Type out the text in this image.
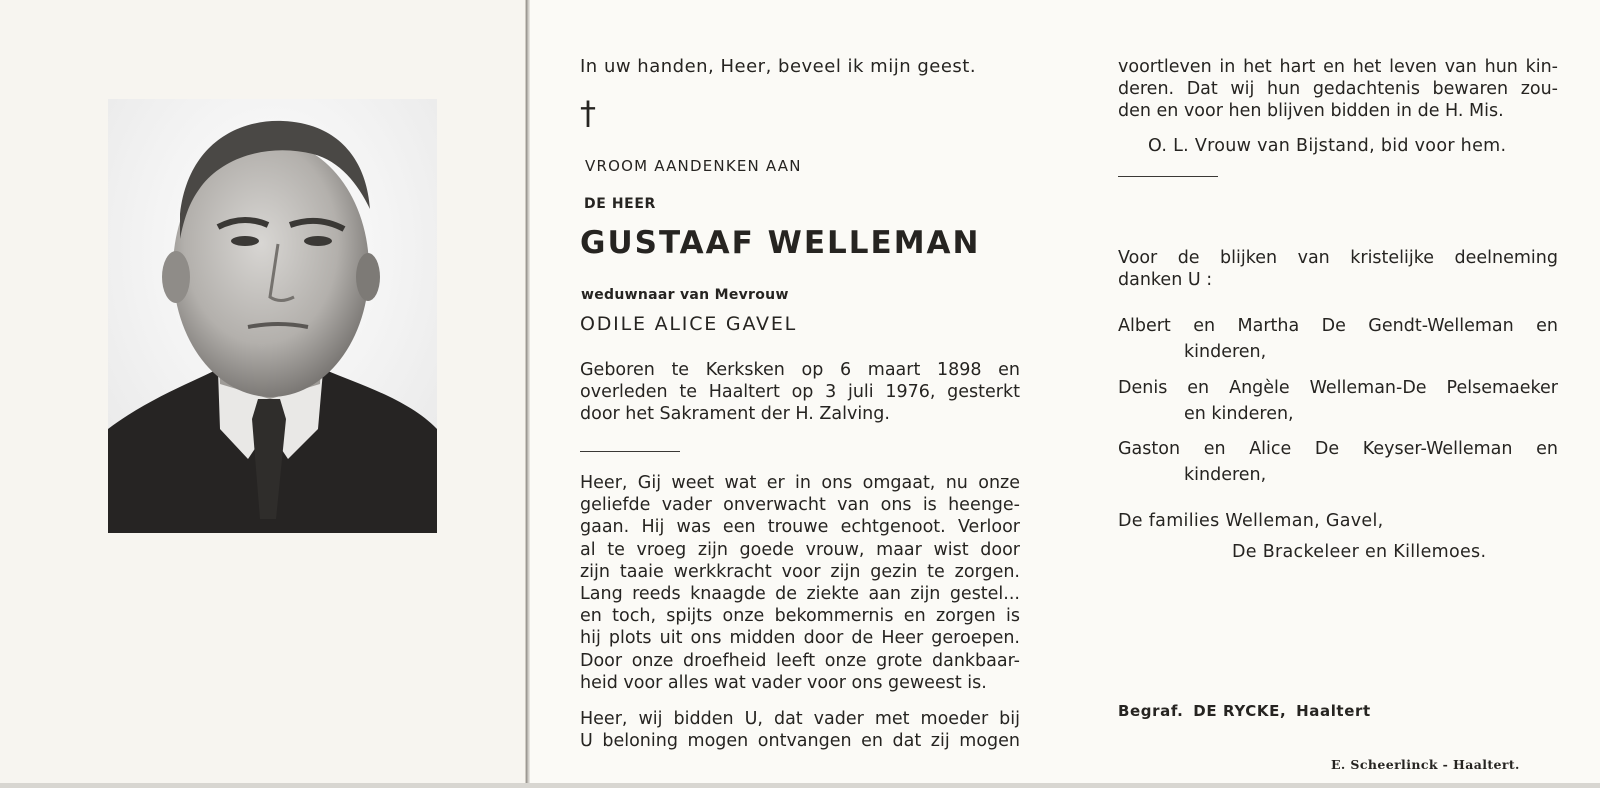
In uw handen, Heer, beveel ik mijn geest.
†
VROOM AANDENKEN AAN
DE HEER
GUSTAAF WELLEMAN
weduwnaar van Mevrouw
ODILE ALICE GAVEL
Geboren te Kerksken op 6 maart 1898 en
overleden te Haaltert op 3 juli 1976, gesterkt
door het Sakrament der H. Zalving.
Heer, Gij weet wat er in ons omgaat, nu onze
geliefde vader onverwacht van ons is heenge-
gaan. Hij was een trouwe echtgenoot. Verloor
al te vroeg zijn goede vrouw, maar wist door
zijn taaie werkkracht voor zijn gezin te zorgen.
Lang reeds knaagde de ziekte aan zijn gestel...
en toch, spijts onze bekommernis en zorgen is
hij plots uit ons midden door de Heer geroepen.
Door onze droefheid leeft onze grote dankbaar-
heid voor alles wat vader voor ons geweest is.
Heer, wij bidden U, dat vader met moeder bij
U beloning mogen ontvangen en dat zij mogen
voortleven in het hart en het leven van hun kin-
deren. Dat wij hun gedachtenis bewaren zou-
den en voor hen blijven bidden in de H. Mis.
O. L. Vrouw van Bijstand, bid voor hem.
Voor de blijken van kristelijke deelneming
danken U :
Albert en Martha De Gendt-Welleman en
kinderen,
Denis en Angèle Welleman-De Pelsemaeker
en kinderen,
Gaston en Alice De Keyser-Welleman en
kinderen,
De families Welleman, Gavel,
De Brackeleer en Killemoes.
Begraf. DE RYCKE, Haaltert
E. Scheerlinck - Haaltert.
